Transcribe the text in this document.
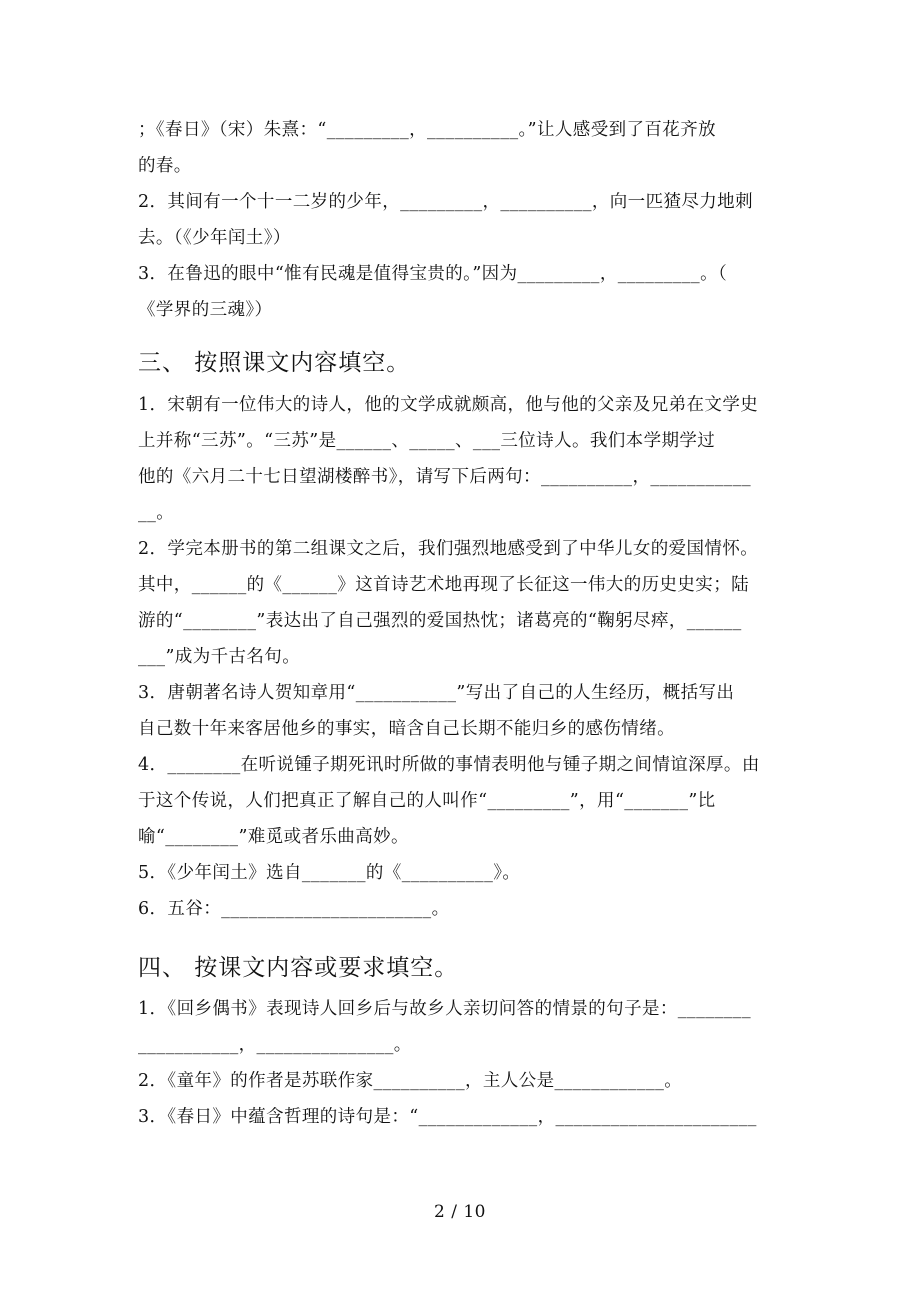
；《春日》（宋）朱熹：“_________，__________。”让人感受到了百花齐放
的春。
2．其间有一个十一二岁的少年，_________，__________，向一匹猹尽力地刺
去。（《少年闰土》）
3．在鲁迅的眼中“惟有民魂是值得宝贵的。”因为_________，_________。（
《学界的三魂》）
三、 按照课文内容填空。
1．宋朝有一位伟大的诗人，他的文学成就颇高，他与他的父亲及兄弟在文学史
上并称“三苏”。“三苏”是______、_____、___三位诗人。我们本学期学过
他的《六月二十七日望湖楼醉书》，请写下后两句：__________，___________
__。
2．学完本册书的第二组课文之后，我们强烈地感受到了中华儿女的爱国情怀。
其中，______的《______》这首诗艺术地再现了长征这一伟大的历史史实；陆
游的“________”表达出了自己强烈的爱国热忱；诸葛亮的“鞠躬尽瘁，______
___”成为千古名句。
3．唐朝著名诗人贺知章用“___________”写出了自己的人生经历，概括写出
自己数十年来客居他乡的事实，暗含自己长期不能归乡的感伤情绪。
4．________在听说锺子期死讯时所做的事情表明他与锺子期之间情谊深厚。由
于这个传说，人们把真正了解自己的人叫作“_________”，用“_______”比
喻“________”难觅或者乐曲高妙。
5．《少年闰土》选自_______的《__________》。
6．五谷：_______________________。
四、 按课文内容或要求填空。
1．《回乡偶书》表现诗人回乡后与故乡人亲切问答的情景的句子是：________
___________，_______________。
2．《童年》的作者是苏联作家__________，主人公是____________。
3．《春日》中蕴含哲理的诗句是：“_____________，______________________
2 / 10
